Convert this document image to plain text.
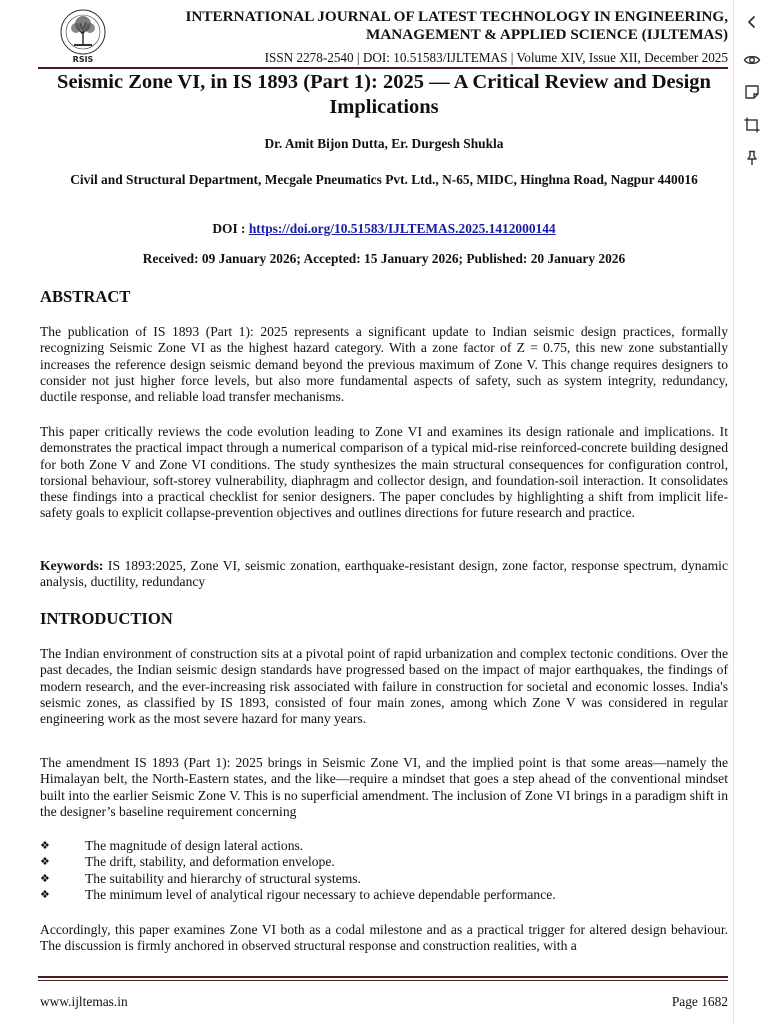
RSIS
INTERNATIONAL JOURNAL OF LATEST TECHNOLOGY IN ENGINEERING, MANAGEMENT & APPLIED SCIENCE (IJLTEMAS)
ISSN 2278-2540 | DOI: 10.51583/IJLTEMAS | Volume XIV, Issue XII, December 2025
Seismic Zone VI, in IS 1893 (Part 1): 2025 — A Critical Review and Design Implications
Dr. Amit Bijon Dutta, Er. Durgesh Shukla
Civil and Structural Department, Mecgale Pneumatics Pvt. Ltd., N-65, MIDC, Hinghna Road, Nagpur 440016
DOI : https://doi.org/10.51583/IJLTEMAS.2025.1412000144
Received: 09 January 2026; Accepted: 15 January 2026; Published: 20 January 2026
ABSTRACT
The publication of IS 1893 (Part 1): 2025 represents a significant update to Indian seismic design practices, formally recognizing Seismic Zone VI as the highest hazard category. With a zone factor of Z = 0.75, this new zone substantially increases the reference design seismic demand beyond the previous maximum of Zone V. This change requires designers to consider not just higher force levels, but also more fundamental aspects of safety, such as system integrity, redundancy, ductile response, and reliable load transfer mechanisms.
This paper critically reviews the code evolution leading to Zone VI and examines its design rationale and implications. It demonstrates the practical impact through a numerical comparison of a typical mid-rise reinforced-concrete building designed for both Zone V and Zone VI conditions. The study synthesizes the main structural consequences for configuration control, torsional behaviour, soft-storey vulnerability, diaphragm and collector design, and foundation-soil interaction. It consolidates these findings into a practical checklist for senior designers. The paper concludes by highlighting a shift from implicit life-safety goals to explicit collapse-prevention objectives and outlines directions for future research and practice.
Keywords: IS 1893:2025, Zone VI, seismic zonation, earthquake-resistant design, zone factor, response spectrum, dynamic analysis, ductility, redundancy
INTRODUCTION
The Indian environment of construction sits at a pivotal point of rapid urbanization and complex tectonic conditions. Over the past decades, the Indian seismic design standards have progressed based on the impact of major earthquakes, the findings of modern research, and the ever-increasing risk associated with failure in construction for societal and economic losses. India's seismic zones, as classified by IS 1893, consisted of four main zones, among which Zone V was considered in regular engineering work as the most severe hazard for many years.
The amendment IS 1893 (Part 1): 2025 brings in Seismic Zone VI, and the implied point is that some areas—namely the Himalayan belt, the North-Eastern states, and the like—require a mindset that goes a step ahead of the conventional mindset built into the earlier Seismic Zone V. This is no superficial amendment. The inclusion of Zone VI brings in a paradigm shift in the designer’s baseline requirement concerning
❖	The magnitude of design lateral actions.
❖	The drift, stability, and deformation envelope.
❖	The suitability and hierarchy of structural systems.
❖	The minimum level of analytical rigour necessary to achieve dependable performance.
Accordingly, this paper examines Zone VI both as a codal milestone and as a practical trigger for altered design behaviour. The discussion is firmly anchored in observed structural response and construction realities, with a
www.ijltemas.in	Page 1682
